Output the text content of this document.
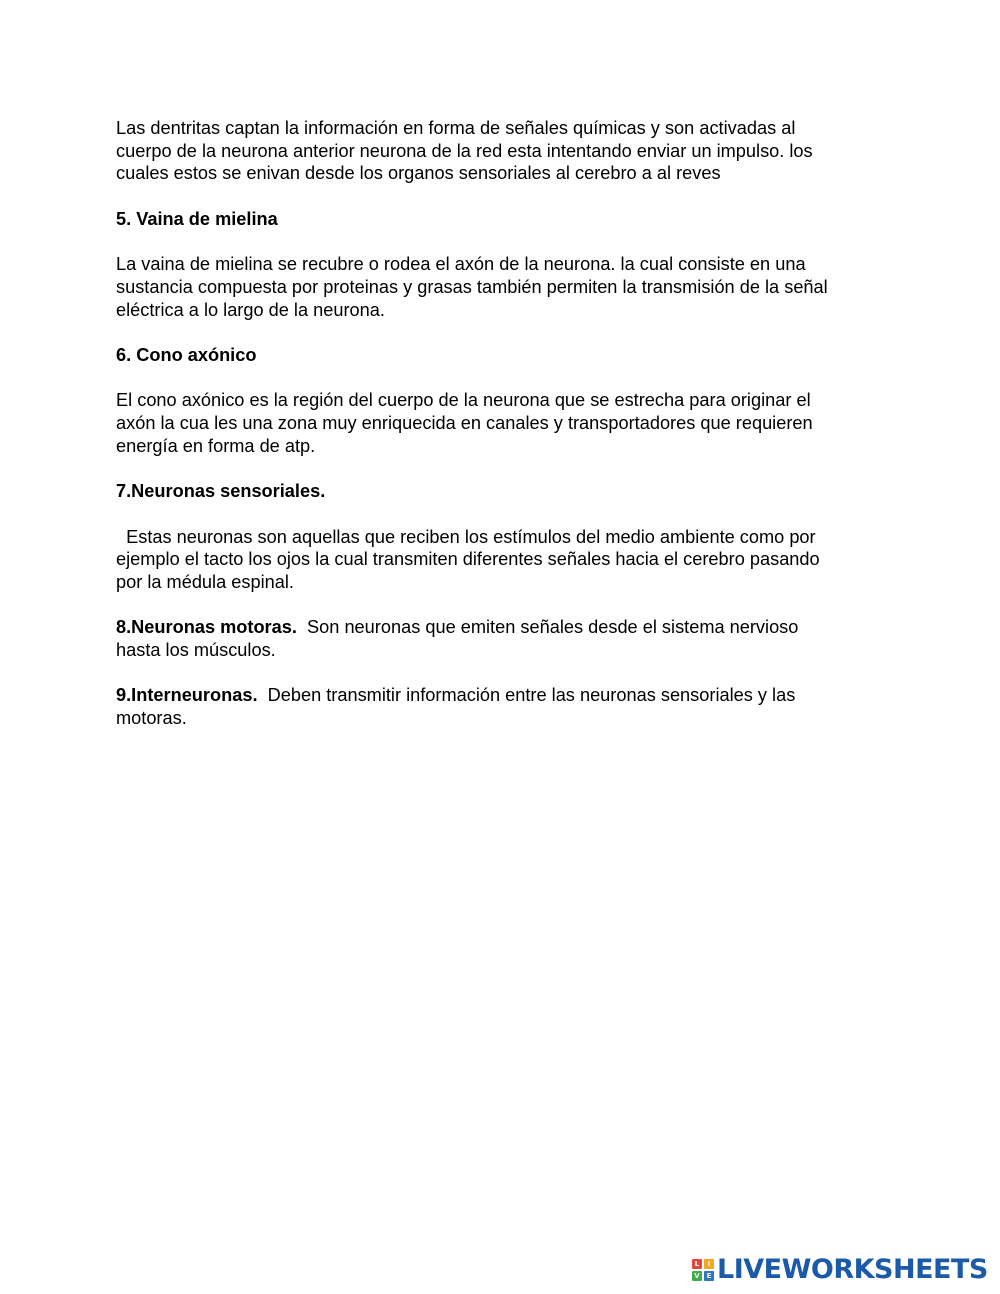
Las dentritas captan la información en forma de señales químicas y son activadas al
cuerpo de la neurona anterior neurona de la red esta intentando enviar un impulso. los
cuales estos se enivan desde los organos sensoriales al cerebro a al reves

5. Vaina de mielina

La vaina de mielina se recubre o rodea el axón de la neurona. la cual consiste en una
sustancia compuesta por proteinas y grasas también permiten la transmisión de la señal
eléctrica a lo largo de la neurona.

6. Cono axónico

El cono axónico es la región del cuerpo de la neurona que se estrecha para originar el
axón la cua les una zona muy enriquecida en canales y transportadores que requieren
energía en forma de atp.

7.Neuronas sensoriales.

Estas neuronas son aquellas que reciben los estímulos del medio ambiente como por
ejemplo el tacto los ojos la cual transmiten diferentes señales hacia el cerebro pasando
por la médula espinal.

8.Neuronas motoras.  Son neuronas que emiten señales desde el sistema nervioso
hasta los músculos.

9.Interneuronas.  Deben transmitir información entre las neuronas sensoriales y las
motoras.

L	I
V E LIVEWORKSHEETS
